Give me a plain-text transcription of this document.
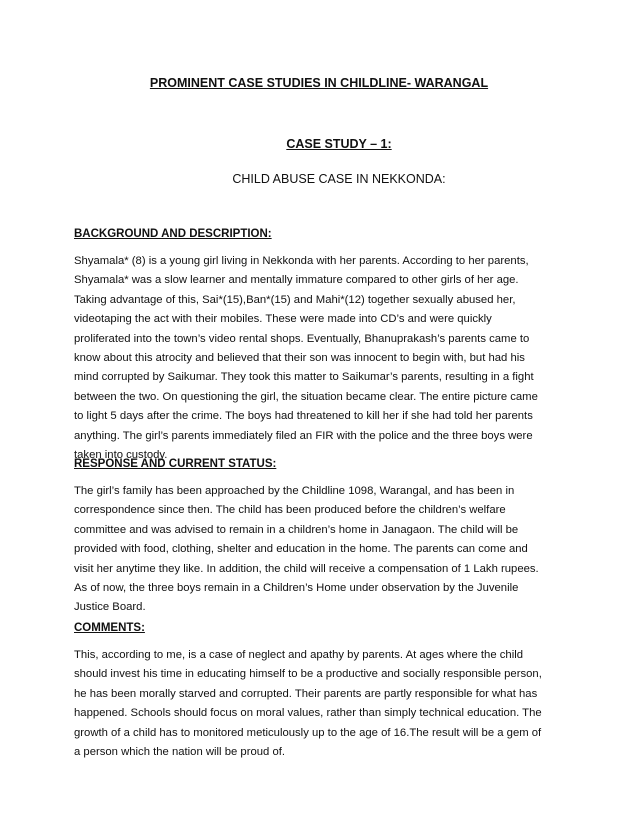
PROMINENT CASE STUDIES IN CHILDLINE- WARANGAL
CASE STUDY – 1:
CHILD ABUSE CASE IN NEKKONDA:
BACKGROUND AND DESCRIPTION:

Shyamala* (8) is a young girl living in Nekkonda with her parents. According to her parents,
Shyamala* was a slow learner and mentally immature compared to other girls of her age.
Taking advantage of this, Sai*(15),Ban*(15) and Mahi*(12) together sexually abused her,
videotaping the act with their mobiles. These were made into CD’s and were quickly
proliferated into the town’s video rental shops. Eventually, Bhanuprakash’s parents came to
know about this atrocity and believed that their son was innocent to begin with, but had his
mind corrupted by Saikumar. They took this matter to Saikumar’s parents, resulting in a fight
between the two. On questioning the girl, the situation became clear. The entire picture came
to light 5 days after the crime. The boys had threatened to kill her if she had told her parents
anything. The girl’s parents immediately filed an FIR with the police and the three boys were
taken into custody.

RESPONSE AND CURRENT STATUS:

The girl’s family has been approached by the Childline 1098, Warangal, and has been in
correspondence since then. The child has been produced before the children’s welfare
committee and was advised to remain in a children’s home in Janagaon. The child will be
provided with food, clothing, shelter and education in the home. The parents can come and
visit her anytime they like. In addition, the child will receive a compensation of 1 Lakh rupees.
As of now, the three boys remain in a Children’s Home under observation by the Juvenile
Justice Board.

COMMENTS:

This, according to me, is a case of neglect and apathy by parents. At ages where the child
should invest his time in educating himself to be a productive and socially responsible person,
he has been morally starved and corrupted. Their parents are partly responsible for what has
happened. Schools should focus on moral values, rather than simply technical education. The
growth of a child has to monitored meticulously up to the age of 16.The result will be a gem of
a person which the nation will be proud of.
